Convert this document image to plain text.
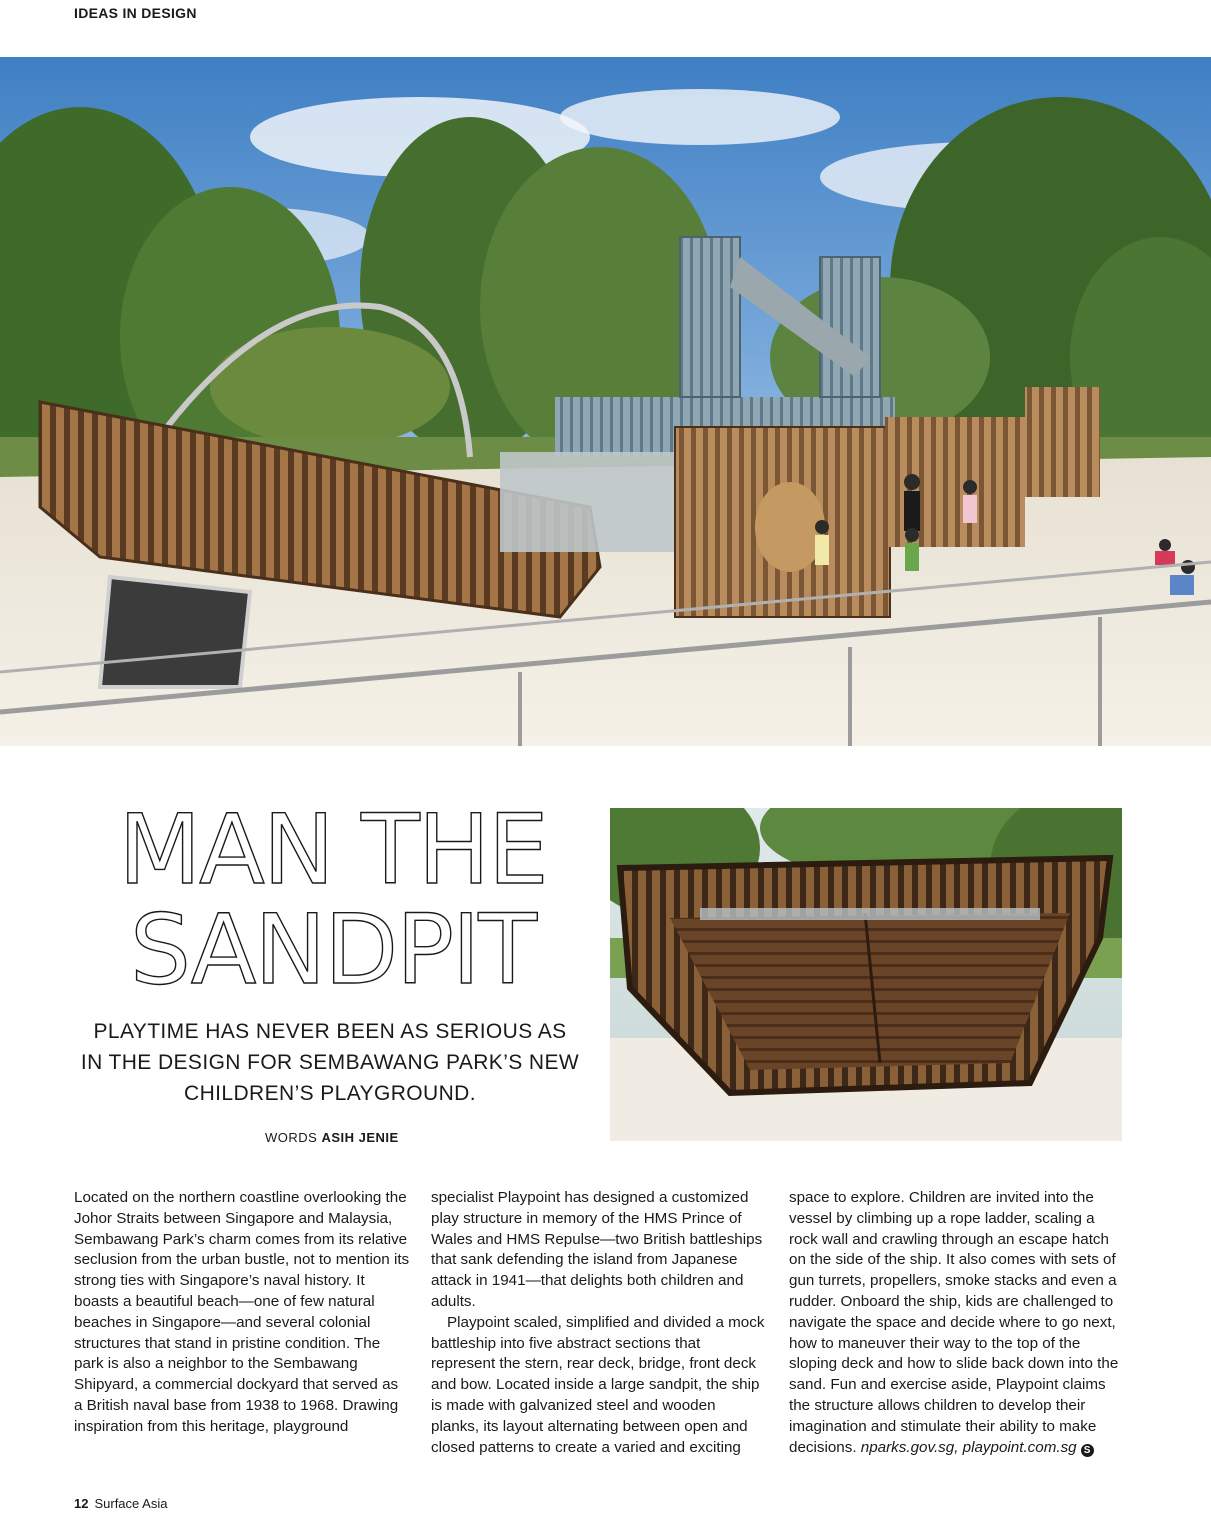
IDEAS IN DESIGN
MAN THE
SANDPIT
PLAYTIME HAS NEVER BEEN AS SERIOUS AS IN THE DESIGN FOR SEMBAWANG PARK’S NEW CHILDREN’S PLAYGROUND.
WORDS ASIH JENIE

Located on the northern coastline overlooking the Johor Straits between Singapore and Malaysia, Sembawang Park’s charm comes from its relative seclusion from the urban bustle, not to mention its strong ties with Singapore’s naval history. It boasts a beautiful beach—one of few natural beaches in Singapore—and several colonial structures that stand in pristine condition. The park is also a neighbor to the Sembawang Shipyard, a commercial dockyard that served as a British naval base from 1938 to 1968. Drawing inspiration from this heritage, playground

specialist Playpoint has designed a customized play structure in memory of the HMS Prince of Wales and HMS Repulse—two British battleships that sank defending the island from Japanese attack in 1941—that delights both children and adults.

Playpoint scaled, simplified and divided a mock battleship into five abstract sections that represent the stern, rear deck, bridge, front deck and bow. Located inside a large sandpit, the ship is made with galvanized steel and wooden planks, its layout alternating between open and closed patterns to create a varied and exciting

space to explore. Children are invited into the vessel by climbing up a rope ladder, scaling a rock wall and crawling through an escape hatch on the side of the ship. It also comes with sets of gun turrets, propellers, smoke stacks and even a rudder. Onboard the ship, kids are challenged to navigate the space and decide where to go next, how to maneuver their way to the top of the sloping deck and how to slide back down into the sand. Fun and exercise aside, Playpoint claims the structure allows children to develop their imagination and stimulate their ability to make decisions. nparks.gov.sg, playpoint.com.sg S

12 Surface Asia
